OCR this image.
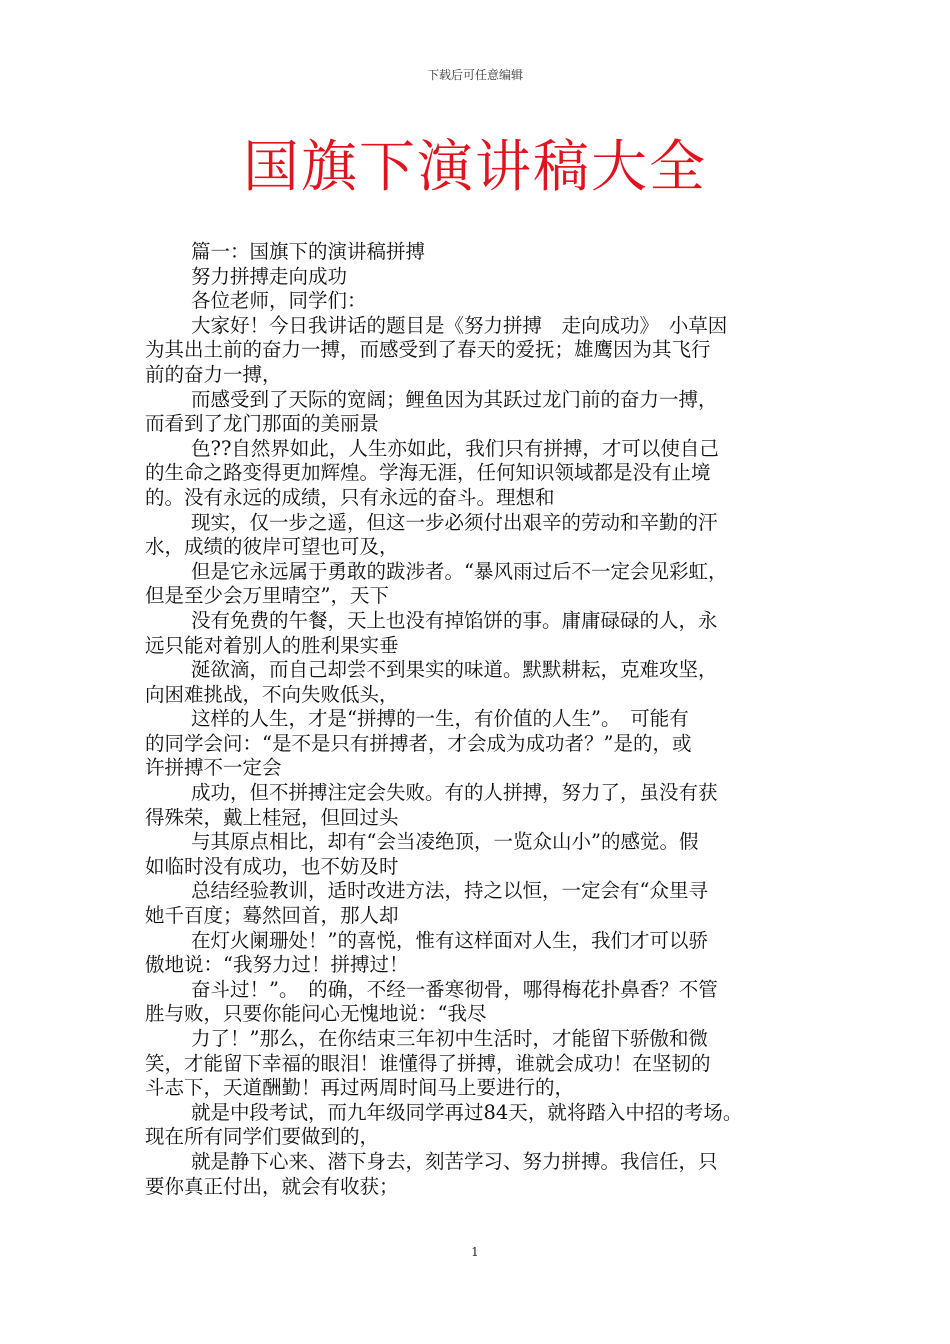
下载后可任意编辑
国旗下演讲稿大全
篇一：国旗下的演讲稿拼搏
努力拼搏走向成功
各位老师，同学们：
大家好！今日我讲话的题目是《努力拼搏　走向成功》　小草因
为其出土前的奋力一搏，而感受到了春天的爱抚；雄鹰因为其飞行
前的奋力一搏，
而感受到了天际的宽阔；鲤鱼因为其跃过龙门前的奋力一搏，
而看到了龙门那面的美丽景
色??自然界如此，人生亦如此，我们只有拼搏，才可以使自己
的生命之路变得更加辉煌。学海无涯，任何知识领域都是没有止境
的。没有永远的成绩，只有永远的奋斗。理想和
现实，仅一步之遥，但这一步必须付出艰辛的劳动和辛勤的汗
水，成绩的彼岸可望也可及，
但是它永远属于勇敢的跋涉者。“暴风雨过后不一定会见彩虹，
但是至少会万里晴空”，天下
没有免费的午餐，天上也没有掉馅饼的事。庸庸碌碌的人，永
远只能对着别人的胜利果实垂
涎欲滴，而自己却尝不到果实的味道。默默耕耘，克难攻坚，
向困难挑战，不向失败低头，
这样的人生，才是“拼搏的一生，有价值的人生”。　可能有
的同学会问：“是不是只有拼搏者，才会成为成功者？”是的，或
许拼搏不一定会
成功，但不拼搏注定会失败。有的人拼搏，努力了，虽没有获
得殊荣，戴上桂冠，但回过头
与其原点相比，却有“会当凌绝顶，一览众山小”的感觉。假
如临时没有成功，也不妨及时
总结经验教训，适时改进方法，持之以恒，一定会有“众里寻
她千百度；蓦然回首，那人却
在灯火阑珊处！”的喜悦，惟有这样面对人生，我们才可以骄
傲地说：“我努力过！拼搏过！
奋斗过！”。　的确，不经一番寒彻骨，哪得梅花扑鼻香？不管
胜与败，只要你能问心无愧地说：“我尽
力了！”那么，在你结束三年初中生活时，才能留下骄傲和微
笑，才能留下幸福的眼泪！谁懂得了拼搏，谁就会成功！在坚韧的
斗志下，天道酬勤！再过两周时间马上要进行的，
就是中段考试，而九年级同学再过84天，就将踏入中招的考场。
现在所有同学们要做到的，
就是静下心来、潜下身去，刻苦学习、努力拼搏。我信任，只
要你真正付出，就会有收获；
1
